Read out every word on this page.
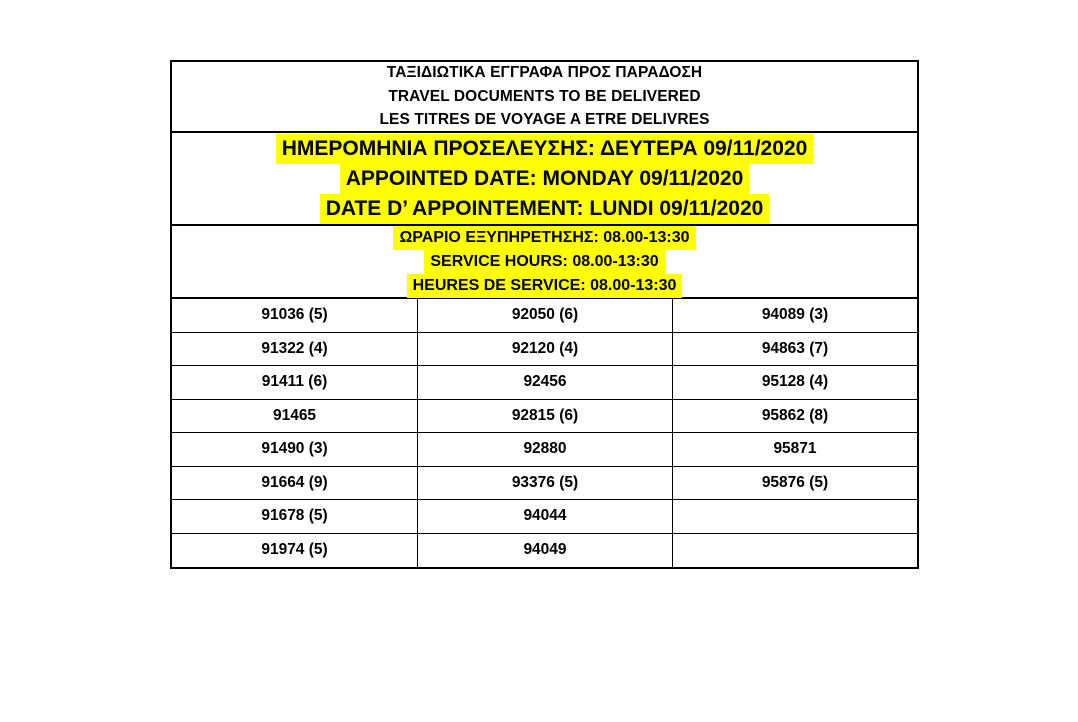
ΤΑΞΙΔΙΩΤΙΚΑ ΕΓΓΡΑΦΑ ΠΡΟΣ ΠΑΡΑΔΟΣΗ
TRAVEL DOCUMENTS TO BE DELIVERED
LES TITRES DE VOYAGE A ETRE DELIVRES
ΗΜΕΡΟΜΗΝΙΑ ΠΡΟΣΕΛΕΥΣΗΣ: ΔΕΥΤΕΡΑ 09/11/2020
APPOINTED DATE: MONDAY 09/11/2020
DATE D’ APPOINTEMENT: LUNDI 09/11/2020
ΩΡΑΡΙΟ ΕΞΥΠΗΡΕΤΗΣΗΣ: 08.00-13:30
SERVICE HOURS: 08.00-13:30
HEURES DE SERVICE: 08.00-13:30
91036 (5)	92050 (6)	94089 (3)
91322 (4)	92120 (4)	94863 (7)
91411 (6)	92456	95128 (4)
91465	92815 (6)	95862 (8)
91490 (3)	92880	95871
91664 (9)	93376 (5)	95876 (5)
91678 (5)	94044
91974 (5)	94049
